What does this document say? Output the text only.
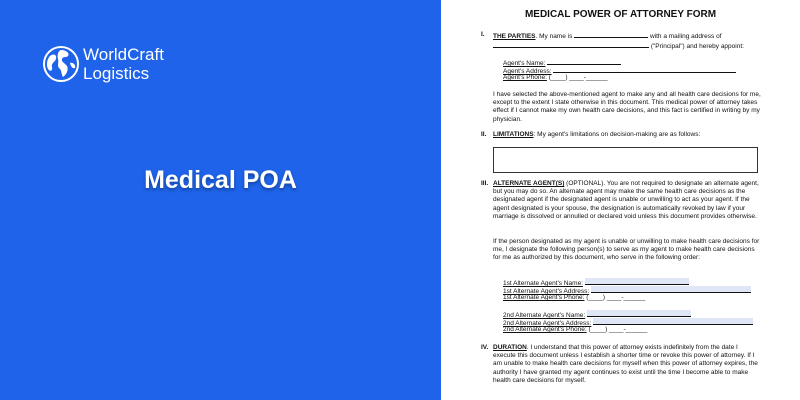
WorldCraft
Logistics
Medical POA
MEDICAL POWER OF ATTORNEY FORM
I. THE PARTIES. My name is	with a mailing address of
("Principal") and hereby appoint:
Agent's Name:
Agent's Address:
Agent's Phone: (____) ____-______
I have selected the above-mentioned agent to make any and all health care decisions for me, except to the extent I state otherwise in this document. This medical power of attorney takes effect if I cannot make my own health care decisions, and this fact is certified in writing by my physician.
II. LIMITATIONS: My agent's limitations on decision-making are as follows:
III. ALTERNATE AGENT(S) (OPTIONAL). You are not required to designate an alternate agent, but you may do so. An alternate agent may make the same health care decisions as the designated agent if the designated agent is unable or unwilling to act as your agent. If the agent designated is your spouse, the designation is automatically revoked by law if your marriage is dissolved or annulled or declared void unless this document provides otherwise.
If the person designated as my agent is unable or unwilling to make health care decisions for me, I designate the following person(s) to serve as my agent to make health care decisions for me as authorized by this document, who serve in the following order:
1st Alternate Agent's Name:
1st Alternate Agent's Address:
1st Alternate Agent's Phone: (____) ____-______
2nd Alternate Agent's Name:
2nd Alternate Agent's Address:
2nd Alternate Agent's Phone: (____) ____-______
IV. DURATION. I understand that this power of attorney exists indefinitely from the date I execute this document unless I establish a shorter time or revoke this power of attorney. If I am unable to make health care decisions for myself when this power of attorney expires, the authority I have granted my agent continues to exist until the time I become able to make health care decisions for myself.
